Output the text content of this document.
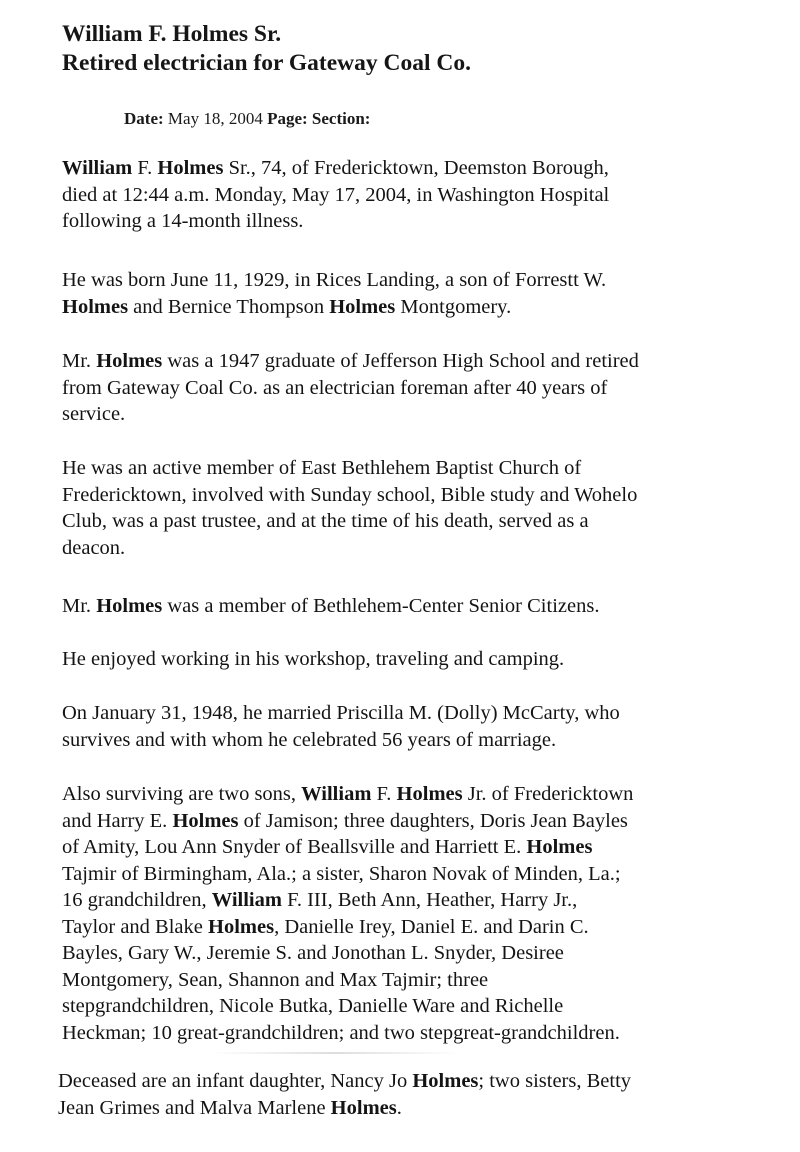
William F. Holmes Sr.
Retired electrician for Gateway Coal Co.
Date: May 18, 2004 Page: Section:

William F. Holmes Sr., 74, of Fredericktown, Deemston Borough,
died at 12:44 a.m. Monday, May 17, 2004, in Washington Hospital
following a 14-month illness.

He was born June 11, 1929, in Rices Landing, a son of Forrestt W.
Holmes and Bernice Thompson Holmes Montgomery.

Mr. Holmes was a 1947 graduate of Jefferson High School and retired
from Gateway Coal Co. as an electrician foreman after 40 years of
service.

He was an active member of East Bethlehem Baptist Church of
Fredericktown, involved with Sunday school, Bible study and Wohelo
Club, was a past trustee, and at the time of his death, served as a
deacon.

Mr. Holmes was a member of Bethlehem-Center Senior Citizens.

He enjoyed working in his workshop, traveling and camping.

On January 31, 1948, he married Priscilla M. (Dolly) McCarty, who
survives and with whom he celebrated 56 years of marriage.

Also surviving are two sons, William F. Holmes Jr. of Fredericktown
and Harry E. Holmes of Jamison; three daughters, Doris Jean Bayles
of Amity, Lou Ann Snyder of Beallsville and Harriett E. Holmes
Tajmir of Birmingham, Ala.; a sister, Sharon Novak of Minden, La.;
16 grandchildren, William F. III, Beth Ann, Heather, Harry Jr.,
Taylor and Blake Holmes, Danielle Irey, Daniel E. and Darin C.
Bayles, Gary W., Jeremie S. and Jonothan L. Snyder, Desiree
Montgomery, Sean, Shannon and Max Tajmir; three
stepgrandchildren, Nicole Butka, Danielle Ware and Richelle
Heckman; 10 great-grandchildren; and two stepgreat-grandchildren.

Deceased are an infant daughter, Nancy Jo Holmes; two sisters, Betty
Jean Grimes and Malva Marlene Holmes.
